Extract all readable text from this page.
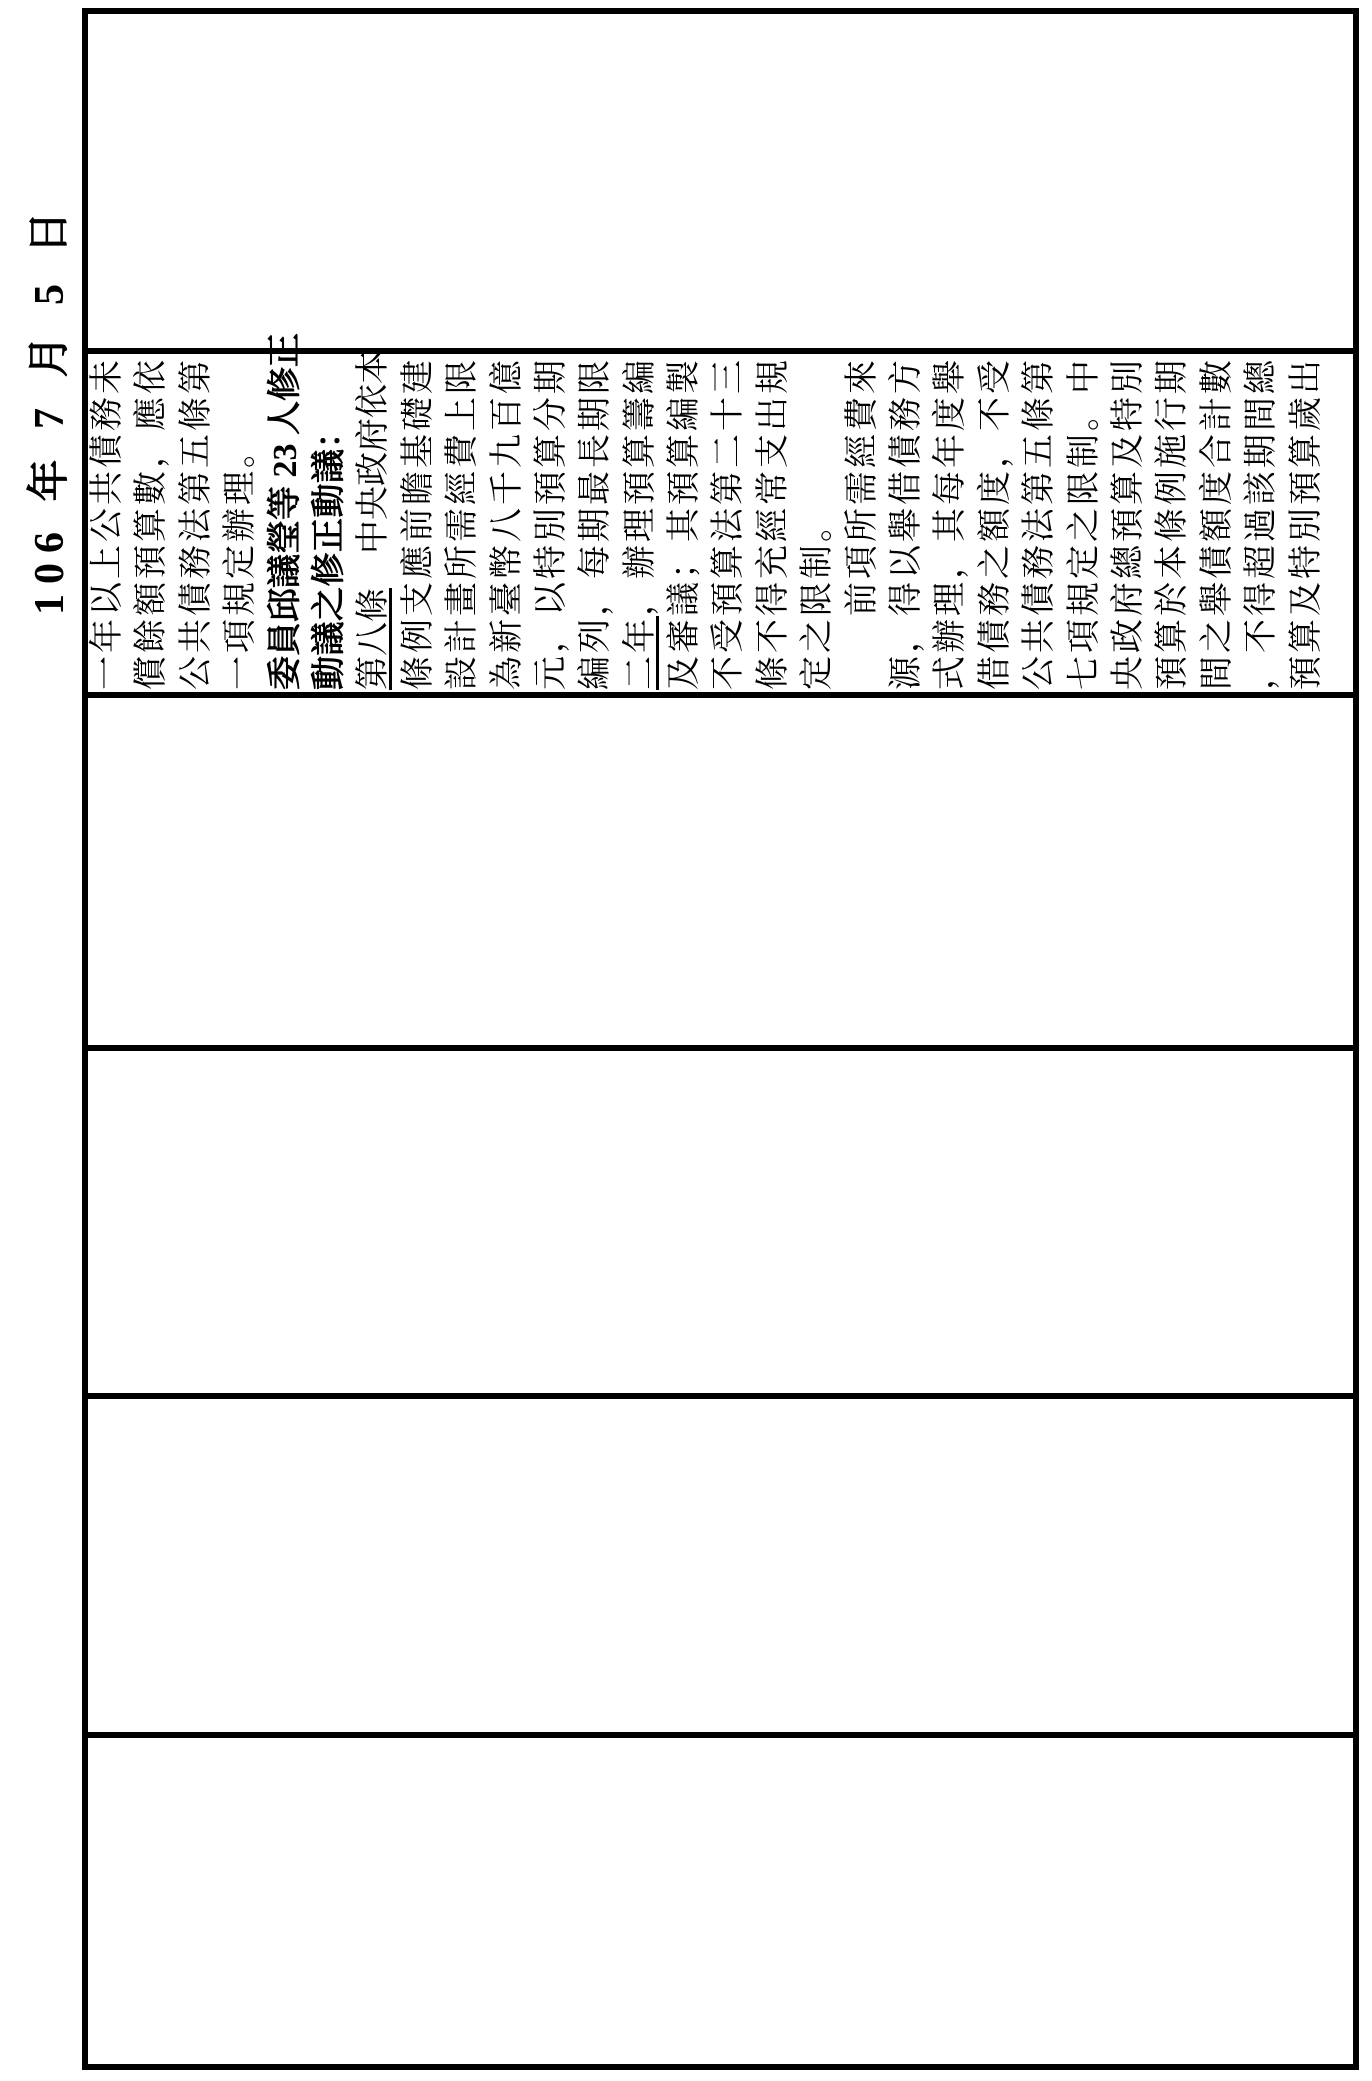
106 年 7 月 5 日 一年以上公共債務未 償餘額預算數，應依 公共債務法第五條第 一項規定辦理。 委員邱議瑩等 23 人修正 動議之修正動議： 第八條　中央政府依本 條例支應前瞻基礎建 設計畫所需經費上限 為新臺幣八千九百億 元，以特別預算分期 編列，每期最長期限 二年，辦理預算籌編 及審議；其預算編製 不受預算法第二十三 條不得充經常支出規 定之限制。 　　前項所需經費來 源，得以舉借債務方 式辦理，其每年度舉 借債務之額度，不受 公共債務法第五條第 七項規定之限制。中 央政府總預算及特別 預算於本條例施行期 間之舉債額度合計數 ，不得超過該期間總 預算及特別預算歲出
